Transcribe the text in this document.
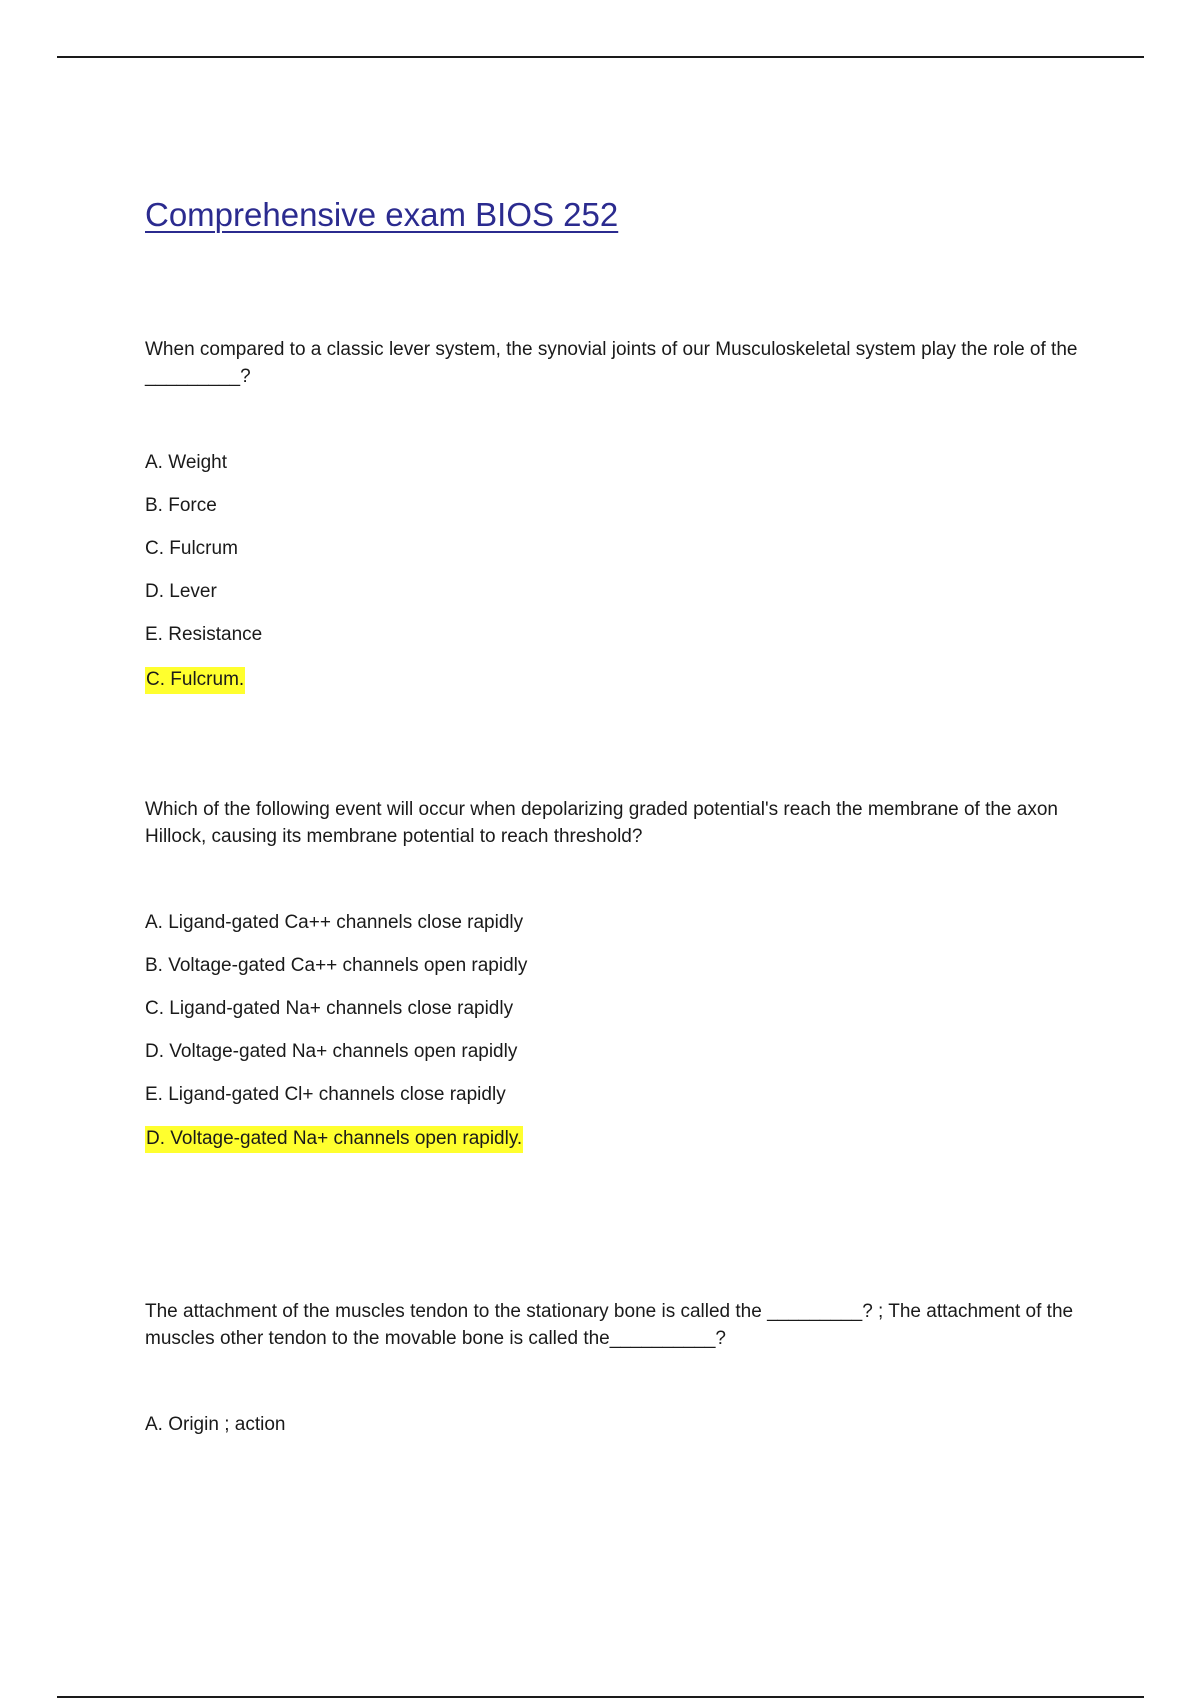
Comprehensive exam BIOS 252

When compared to a classic lever system, the synovial joints of our Musculoskeletal system play the role of the _________?

A. Weight
B. Force
C. Fulcrum
D. Lever
E. Resistance

C. Fulcrum.

Which of the following event will occur when depolarizing graded potential's reach the membrane of the axon Hillock, causing its membrane potential to reach threshold?

A. Ligand-gated Ca++ channels close rapidly
B. Voltage-gated Ca++ channels open rapidly
C. Ligand-gated Na+ channels close rapidly
D. Voltage-gated Na+ channels open rapidly
E. Ligand-gated Cl+ channels close rapidly

D. Voltage-gated Na+ channels open rapidly.

The attachment of the muscles tendon to the stationary bone is called the _________? ; The attachment of the muscles other tendon to the movable bone is called the__________?

A. Origin ; action
